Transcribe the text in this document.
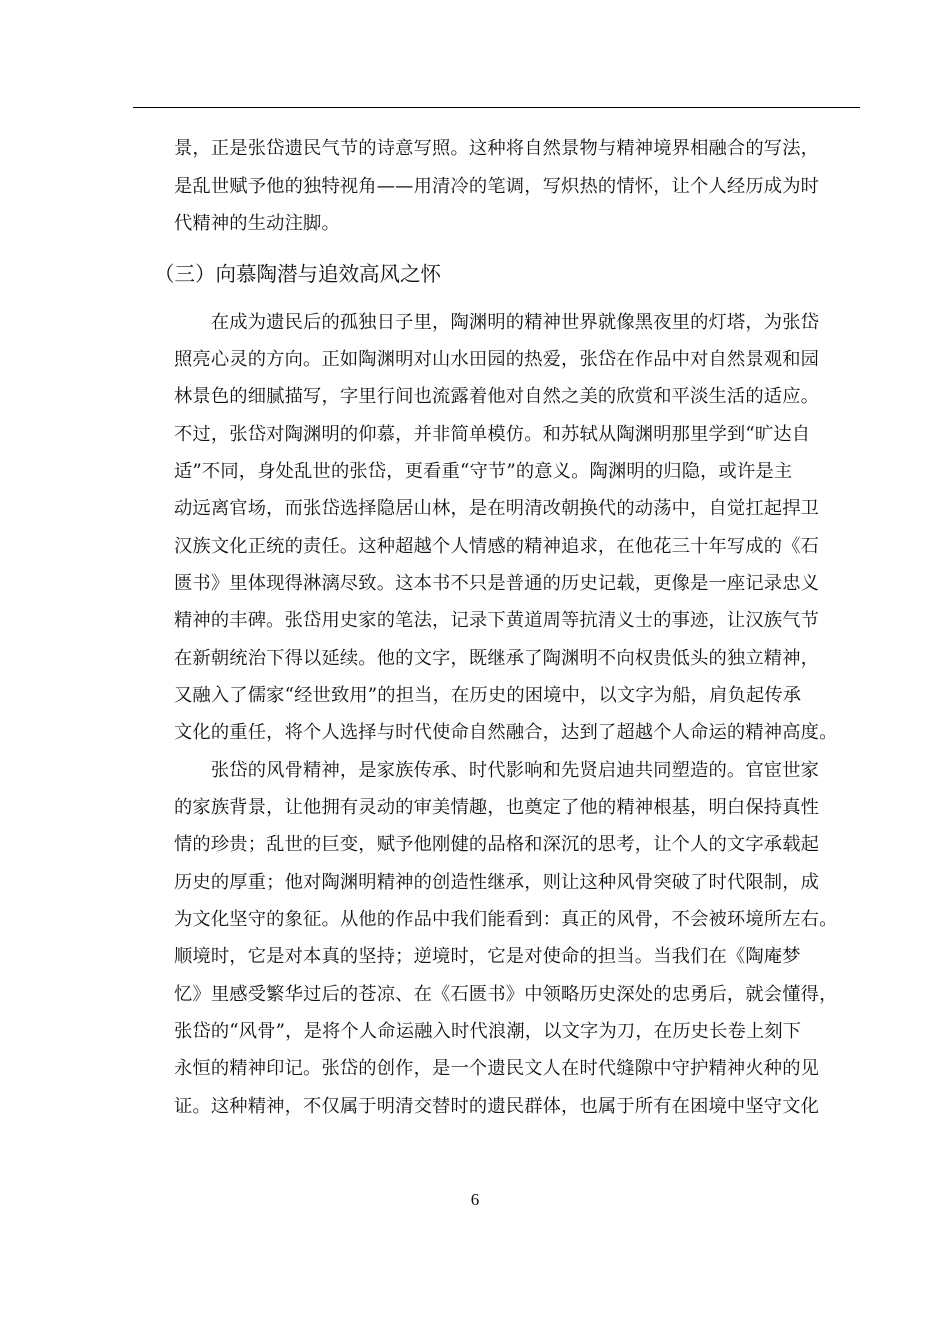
景，正是张岱遗民气节的诗意写照。这种将自然景物与精神境界相融合的写法，
是乱世赋予他的独特视角——用清冷的笔调，写炽热的情怀，让个人经历成为时
代精神的生动注脚。
（三）向慕陶潜与追效高风之怀
　　在成为遗民后的孤独日子里，陶渊明的精神世界就像黑夜里的灯塔，为张岱
照亮心灵的方向。正如陶渊明对山水田园的热爱，张岱在作品中对自然景观和园
林景色的细腻描写，字里行间也流露着他对自然之美的欣赏和平淡生活的适应。
不过，张岱对陶渊明的仰慕，并非简单模仿。和苏轼从陶渊明那里学到“旷达自
适”不同，身处乱世的张岱，更看重“守节”的意义。陶渊明的归隐，或许是主
动远离官场，而张岱选择隐居山林，是在明清改朝换代的动荡中，自觉扛起捍卫
汉族文化正统的责任。这种超越个人情感的精神追求，在他花三十年写成的《石
匮书》里体现得淋漓尽致。这本书不只是普通的历史记载，更像是一座记录忠义
精神的丰碑。张岱用史家的笔法，记录下黄道周等抗清义士的事迹，让汉族气节
在新朝统治下得以延续。他的文字，既继承了陶渊明不向权贵低头的独立精神，
又融入了儒家“经世致用”的担当，在历史的困境中，以文字为船，肩负起传承
文化的重任，将个人选择与时代使命自然融合，达到了超越个人命运的精神高度。
　　张岱的风骨精神，是家族传承、时代影响和先贤启迪共同塑造的。官宦世家
的家族背景，让他拥有灵动的审美情趣，也奠定了他的精神根基，明白保持真性
情的珍贵；乱世的巨变，赋予他刚健的品格和深沉的思考，让个人的文字承载起
历史的厚重；他对陶渊明精神的创造性继承，则让这种风骨突破了时代限制，成
为文化坚守的象征。从他的作品中我们能看到：真正的风骨，不会被环境所左右。
顺境时，它是对本真的坚持；逆境时，它是对使命的担当。当我们在《陶庵梦
忆》里感受繁华过后的苍凉、在《石匮书》中领略历史深处的忠勇后，就会懂得，
张岱的“风骨”，是将个人命运融入时代浪潮，以文字为刀，在历史长卷上刻下
永恒的精神印记。张岱的创作，是一个遗民文人在时代缝隙中守护精神火种的见
证。这种精神，不仅属于明清交替时的遗民群体，也属于所有在困境中坚守文化
6
